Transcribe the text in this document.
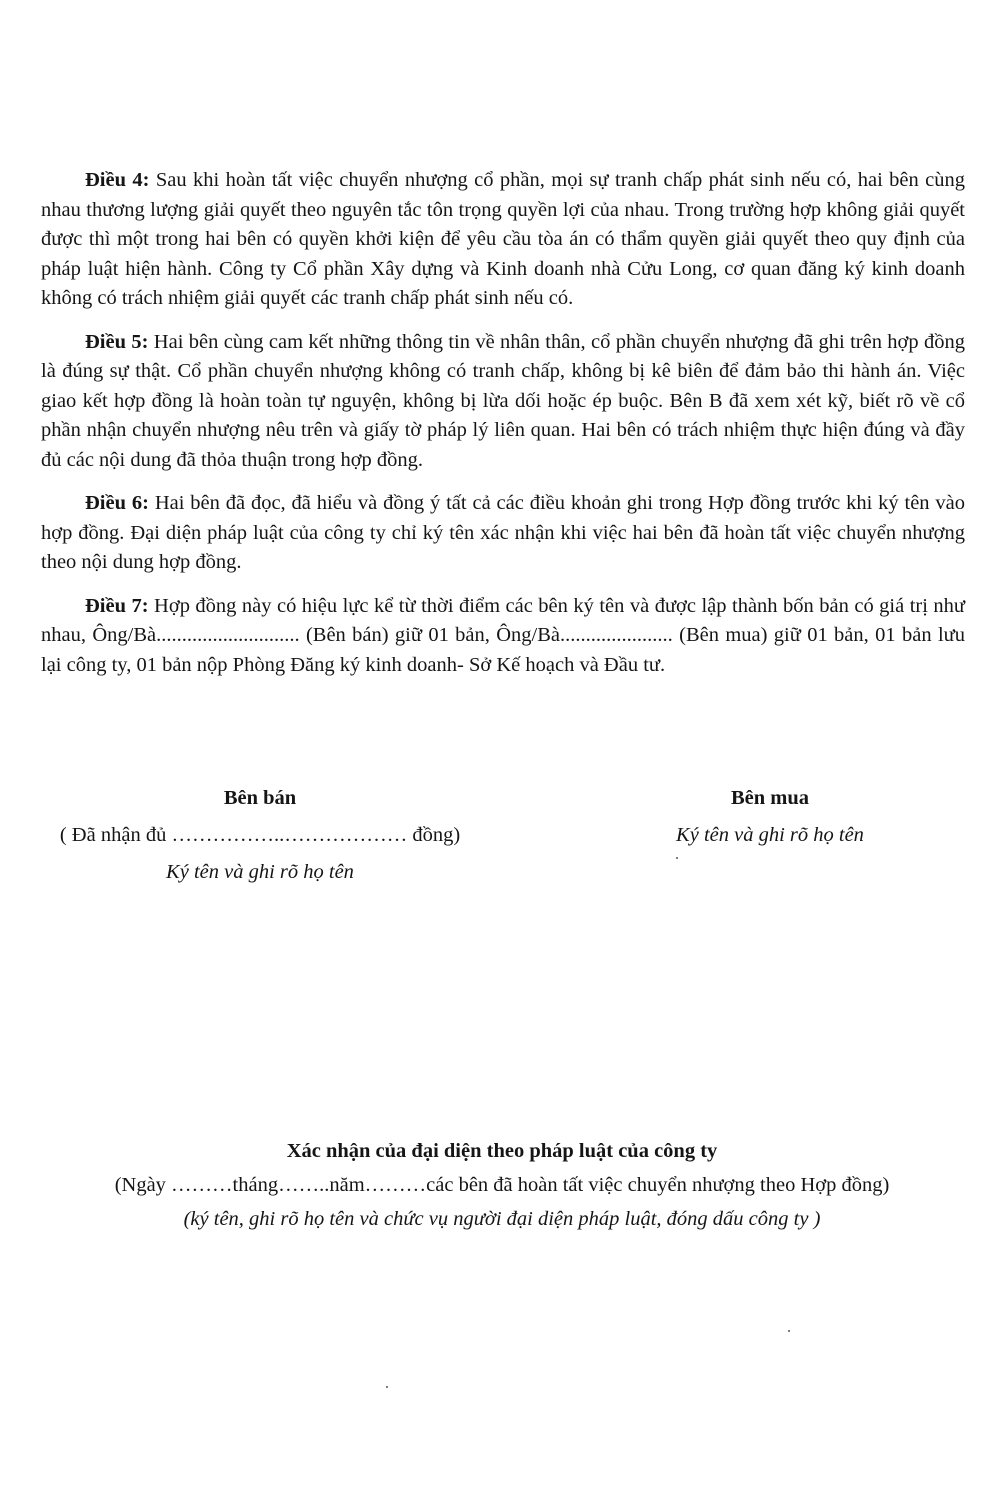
Điều 4: Sau khi hoàn tất việc chuyển nhượng cổ phần, mọi sự tranh chấp phát sinh nếu có, hai bên cùng nhau thương lượng giải quyết theo nguyên tắc tôn trọng quyền lợi của nhau. Trong trường hợp không giải quyết được thì một trong hai bên có quyền khởi kiện để yêu cầu tòa án có thẩm quyền giải quyết theo quy định của pháp luật hiện hành. Công ty Cổ phần Xây dựng và Kinh doanh nhà Cửu Long, cơ quan đăng ký kinh doanh không có trách nhiệm giải quyết các tranh chấp phát sinh nếu có.

Điều 5: Hai bên cùng cam kết những thông tin về nhân thân, cổ phần chuyển nhượng đã ghi trên hợp đồng là đúng sự thật. Cổ phần chuyển nhượng không có tranh chấp, không bị kê biên để đảm bảo thi hành án. Việc giao kết hợp đồng là hoàn toàn tự nguyện, không bị lừa dối hoặc ép buộc. Bên B đã xem xét kỹ, biết rõ về cổ phần nhận chuyển nhượng nêu trên và giấy tờ pháp lý liên quan. Hai bên có trách nhiệm thực hiện đúng và đầy đủ các nội dung đã thỏa thuận trong hợp đồng.

Điều 6: Hai bên đã đọc, đã hiểu và đồng ý tất cả các điều khoản ghi trong Hợp đồng trước khi ký tên vào hợp đồng. Đại diện pháp luật của công ty chỉ ký tên xác nhận khi việc hai bên đã hoàn tất việc chuyển nhượng theo nội dung hợp đồng.

Điều 7: Hợp đồng này có hiệu lực kể từ thời điểm các bên ký tên và được lập thành bốn bản có giá trị như nhau, Ông/Bà............................ (Bên bán) giữ 01 bản, Ông/Bà...................... (Bên mua) giữ 01 bản, 01 bản lưu lại công ty, 01 bản nộp Phòng Đăng ký kinh doanh- Sở Kế hoạch và Đầu tư.

Bên bán
( Đã nhận đủ ……………..……………… đồng)
Ký tên và ghi rõ họ tên
Bên mua
Ký tên và ghi rõ họ tên
Xác nhận của đại diện theo pháp luật của công ty
(Ngày ………tháng……..năm………các bên đã hoàn tất việc chuyển nhượng theo Hợp đồng)
(ký tên, ghi rõ họ tên và chức vụ người đại diện pháp luật, đóng dấu công ty )
